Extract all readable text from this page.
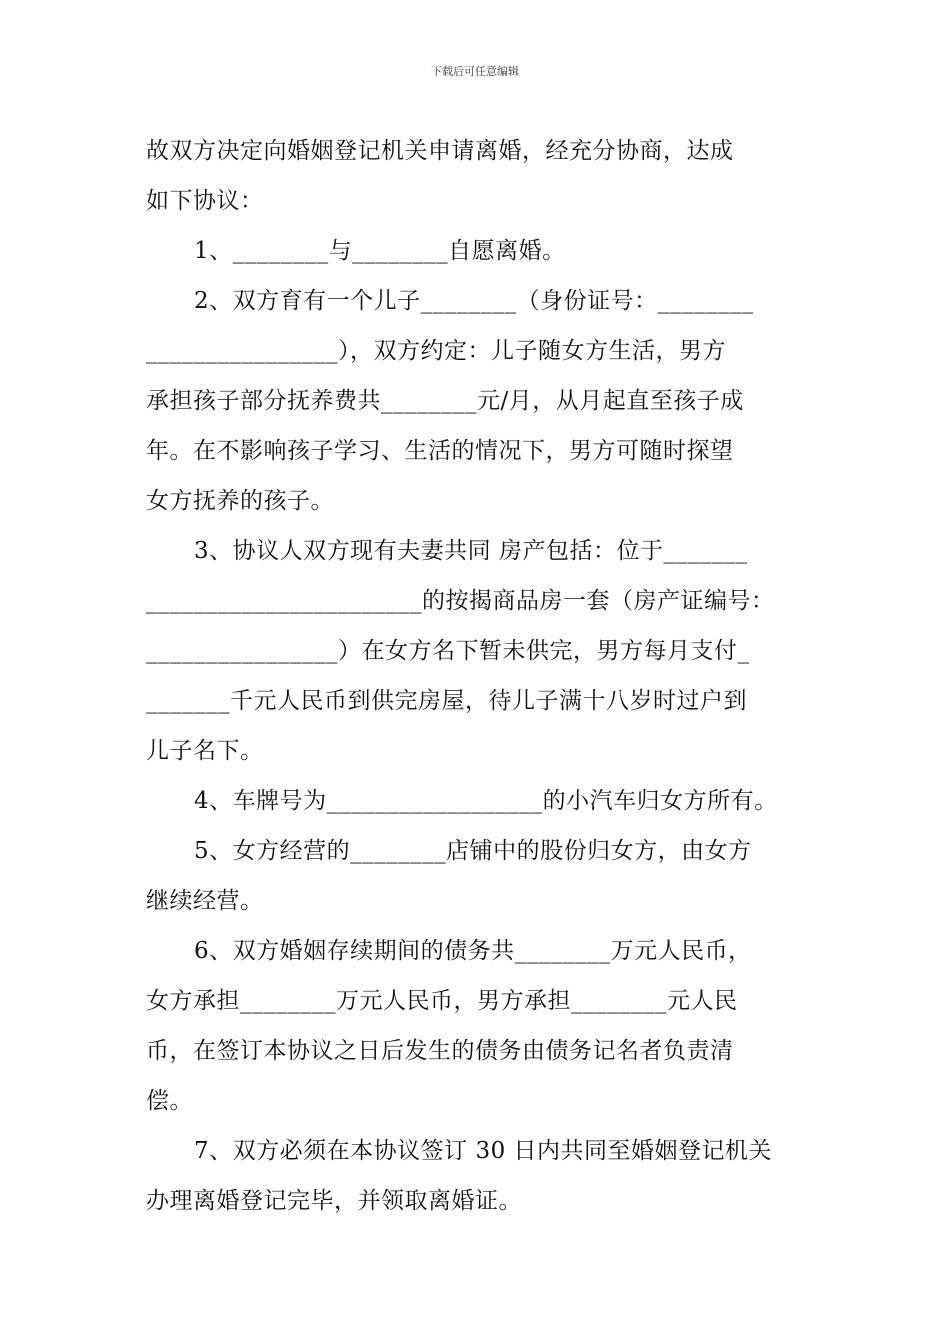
下载后可任意编辑
故双方决定向婚姻登记机关申请离婚，经充分协商，达成
如下协议：
1、________与________自愿离婚。
2、双方育有一个儿子________（身份证号：________
________________），双方约定：儿子随女方生活，男方
承担孩子部分抚养费共________元/月，从月起直至孩子成
年。在不影响孩子学习、生活的情况下，男方可随时探望
女方抚养的孩子。
3、协议人双方现有夫妻共同 房产包括：位于_______
_______________________的按揭商品房一套（房产证编号：
________________）在女方名下暂未供完，男方每月支付_
_______千元人民币到供完房屋，待儿子满十八岁时过户到
儿子名下。
4、车牌号为__________________的小汽车归女方所有。
5、女方经营的________店铺中的股份归女方，由女方
继续经营。
6、双方婚姻存续期间的债务共________万元人民币，
女方承担________万元人民币，男方承担________元人民
币，在签订本协议之日后发生的债务由债务记名者负责清
偿。
7、双方必须在本协议签订 30 日内共同至婚姻登记机关
办理离婚登记完毕，并领取离婚证。
